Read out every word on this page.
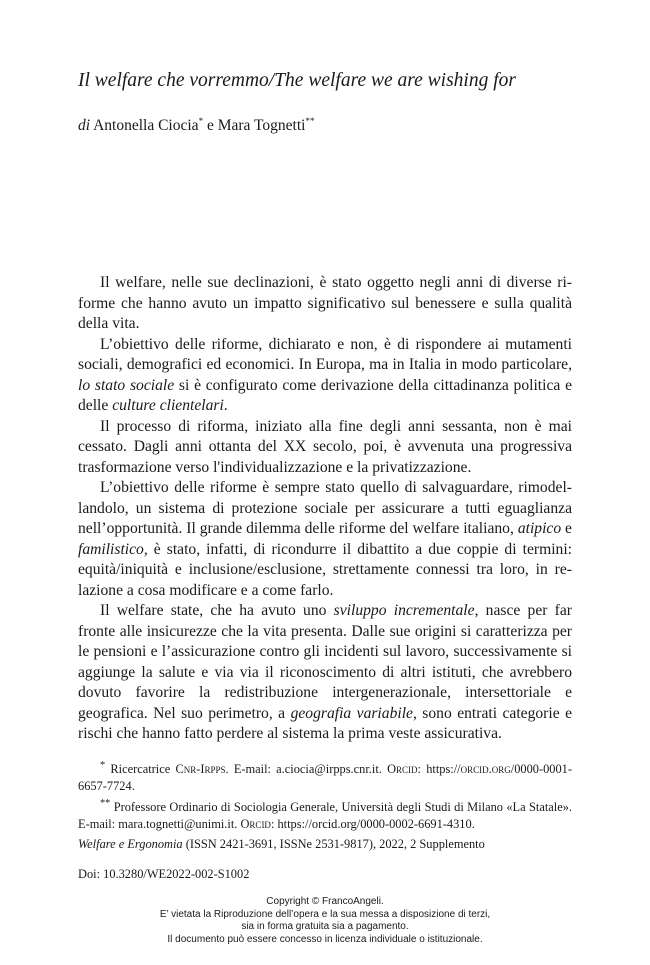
Il welfare che vorremmo/The welfare we are wishing for
di Antonella Ciocia* e Mara Tognetti**

Il welfare, nelle sue declinazioni, è stato oggetto negli anni di diverse riforme che hanno avuto un impatto significativo sul benessere e sulla qualità della vita.

L’obiettivo delle riforme, dichiarato e non, è di rispondere ai mutamenti sociali, demografici ed economici. In Europa, ma in Italia in modo particolare, lo stato sociale si è configurato come derivazione della cittadinanza politica e delle culture clientelari.

Il processo di riforma, iniziato alla fine degli anni sessanta, non è mai cessato. Dagli anni ottanta del XX secolo, poi, è avvenuta una progressiva trasformazione verso l'individualizzazione e la privatizzazione.

L’obiettivo delle riforme è sempre stato quello di salvaguardare, rimodellandolo, un sistema di protezione sociale per assicurare a tutti eguaglianza nell’opportunità. Il grande dilemma delle riforme del welfare italiano, atipico e familistico, è stato, infatti, di ricondurre il dibattito a due coppie di termini: equità/iniquità e inclusione/esclusione, strettamente connessi tra loro, in relazione a cosa modificare e a come farlo.

Il welfare state, che ha avuto uno sviluppo incrementale, nasce per far fronte alle insicurezze che la vita presenta. Dalle sue origini si caratterizza per le pensioni e l’assicurazione contro gli incidenti sul lavoro, successivamente si aggiunge la salute e via via il riconoscimento di altri istituti, che avrebbero dovuto favorire la redistribuzione intergenerazionale, intersettoriale e geografica. Nel suo perimetro, a geografia variabile, sono entrati categorie e rischi che hanno fatto perdere al sistema la prima veste assicurativa.

* Ricercatrice Cnr-Irpps. E-mail: a.ciocia@irpps.cnr.it. Orcid: https://orcid.org/0000-0001-6657-7724.

** Professore Ordinario di Sociologia Generale, Università degli Studi di Milano «La Statale». E-mail: mara.tognetti@unimi.it. Orcid: https://orcid.org/0000-0002-6691-4310.

Welfare e Ergonomia (ISSN 2421-3691, ISSNe 2531-9817), 2022, 2 Supplemento
Doi: 10.3280/WE2022-002-S1002
Copyright © FrancoAngeli.
E’ vietata la Riproduzione dell’opera e la sua messa a disposizione di terzi,
sia in forma gratuita sia a pagamento.
Il documento può essere concesso in licenza individuale o istituzionale.
